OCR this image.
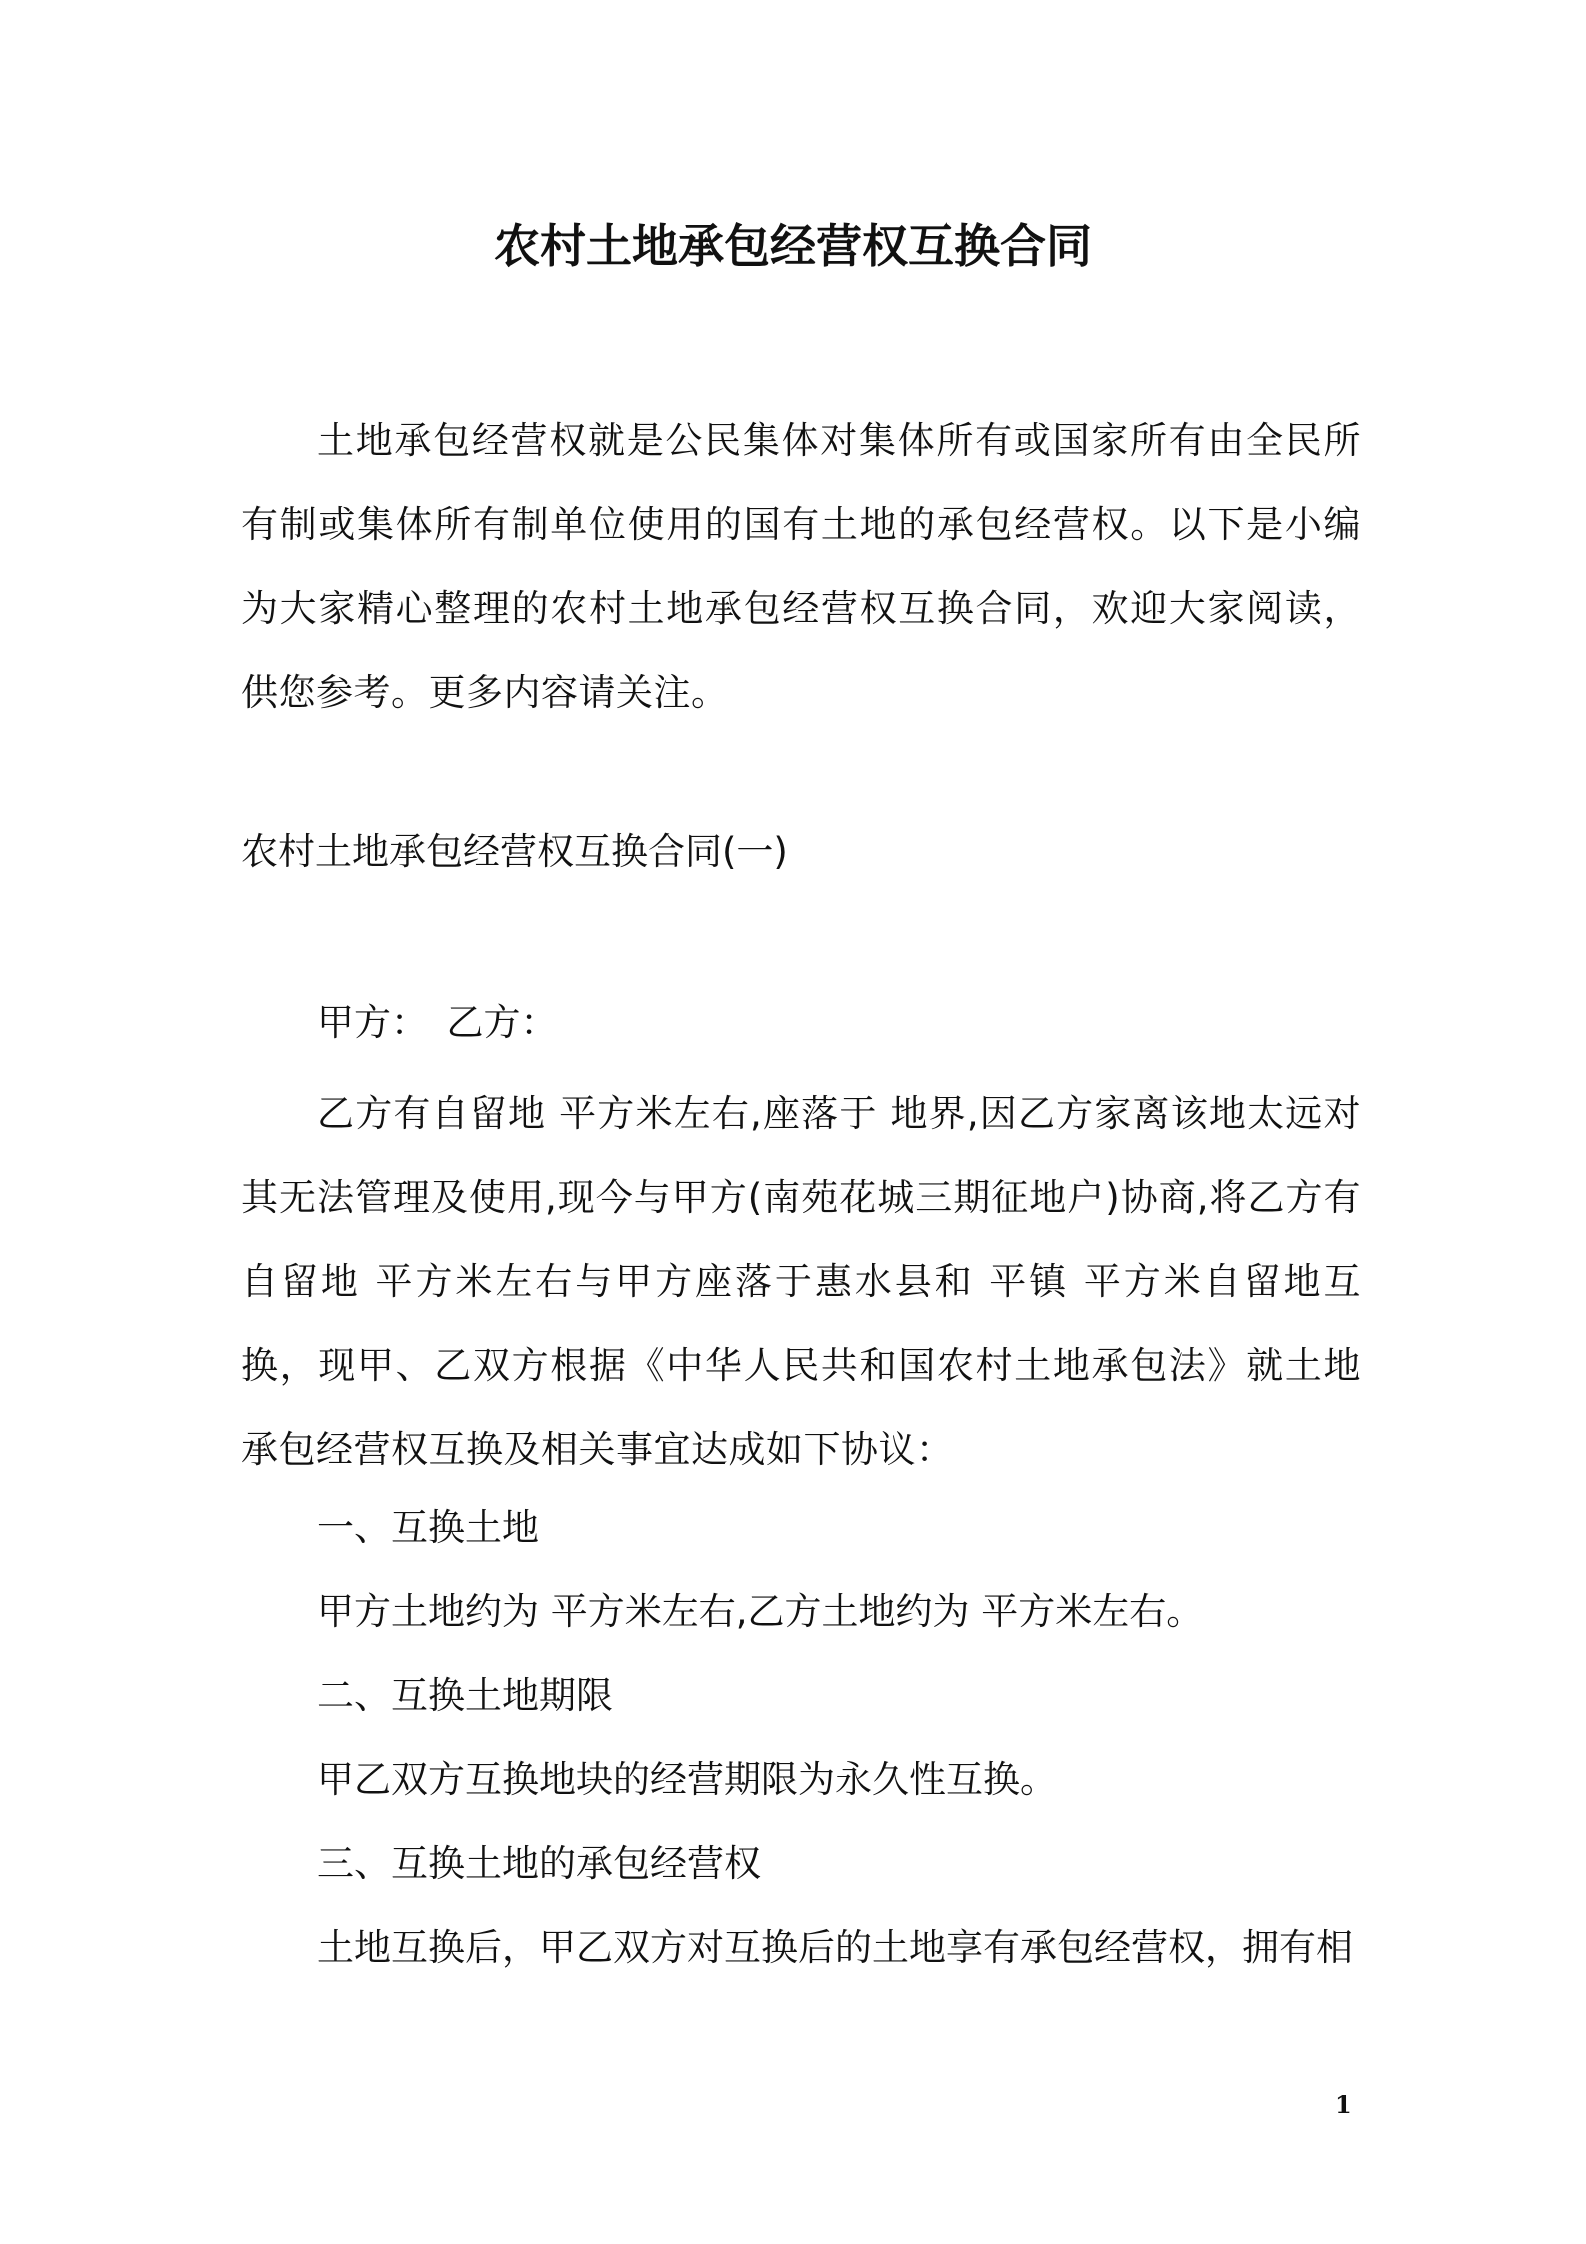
农村土地承包经营权互换合同
土地承包经营权就是公民集体对集体所有或国家所有由全民所有制或集体所有制单位使用的国有土地的承包经营权。以下是小编为大家精心整理的农村土地承包经营权互换合同，欢迎大家阅读，供您参考。更多内容请关注。
农村土地承包经营权互换合同(一)
甲方：　乙方：
乙方有自留地 平方米左右,座落于 地界,因乙方家离该地太远对其无法管理及使用,现今与甲方(南苑花城三期征地户)协商,将乙方有自留地 平方米左右与甲方座落于惠水县和 平镇 平方米自留地互换，现甲、乙双方根据《中华人民共和国农村土地承包法》就土地承包经营权互换及相关事宜达成如下协议：
一、互换土地
甲方土地约为 平方米左右,乙方土地约为 平方米左右。
二、互换土地期限
甲乙双方互换地块的经营期限为永久性互换。
三、互换土地的承包经营权
土地互换后，甲乙双方对互换后的土地享有承包经营权，拥有相
1
